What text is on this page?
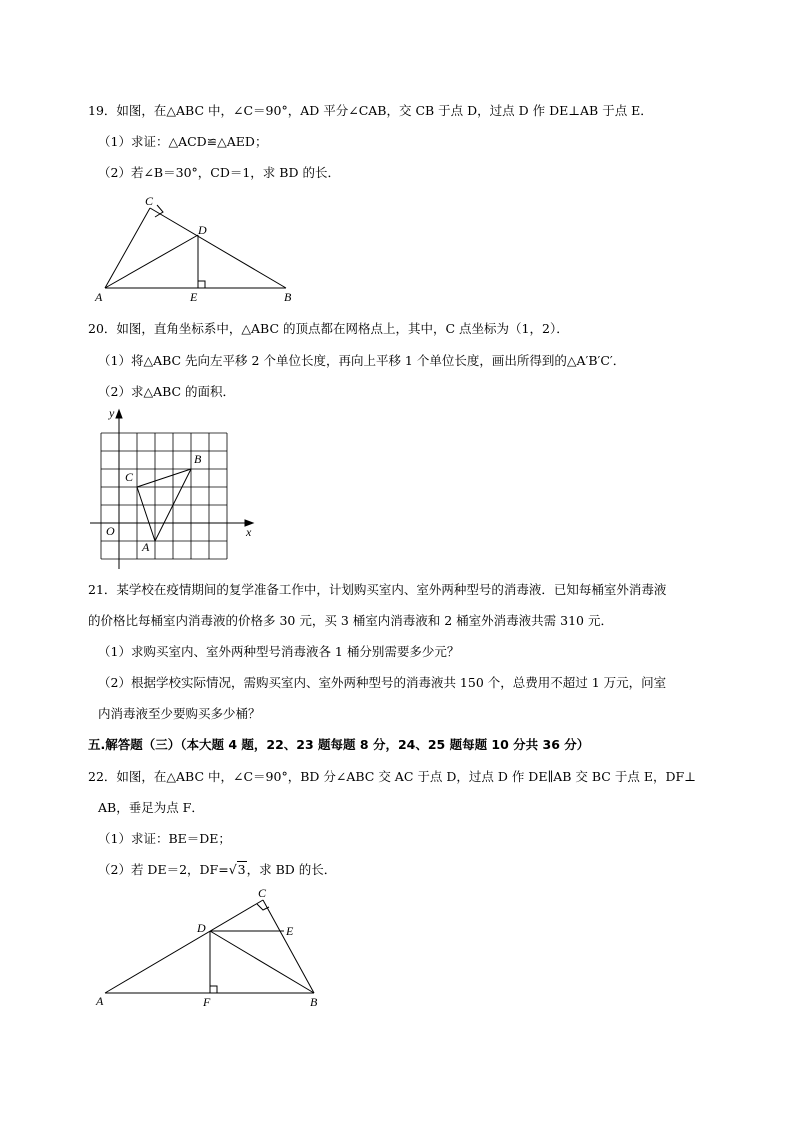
19．如图，在△ABC 中，∠C＝90°，AD 平分∠CAB，交 CB 于点 D，过点 D 作 DE⊥AB 于点 E．
（1）求证：△ACD≌△AED；
（2）若∠B＝30°，CD＝1，求 BD 的长．
C
D
A	E	B
20．如图，直角坐标系中，△ABC 的顶点都在网格点上，其中，C 点坐标为（1，2）．
（1）将△ABC 先向左平移 2 个单位长度，再向上平移 1 个单位长度，画出所得到的△A′B′C′．
（2）求△ABC 的面积．
y
x
O
C
B
A
21．某学校在疫情期间的复学准备工作中，计划购买室内、室外两种型号的消毒液．已知每桶室外消毒液
的价格比每桶室内消毒液的价格多 30 元，买 3 桶室内消毒液和 2 桶室外消毒液共需 310 元．
（1）求购买室内、室外两种型号消毒液各 1 桶分别需要多少元？
（2）根据学校实际情况，需购买室内、室外两种型号的消毒液共 150 个，总费用不超过 1 万元，问室
内消毒液至少要购买多少桶？
五.解答题（三）（本大题 4 题，22、23 题每题 8 分，24、25 题每题 10 分共 36 分）
22．如图，在△ABC 中，∠C＝90°，BD 分∠ABC 交 AC 于点 D，过点 D 作 DE∥AB 交 BC 于点 E，DF⊥
AB，垂足为点 F．
（1）求证：BE＝DE；
（2）若 DE＝2，DF=√3，求 BD 的长．
C
D	E
A	F	B
